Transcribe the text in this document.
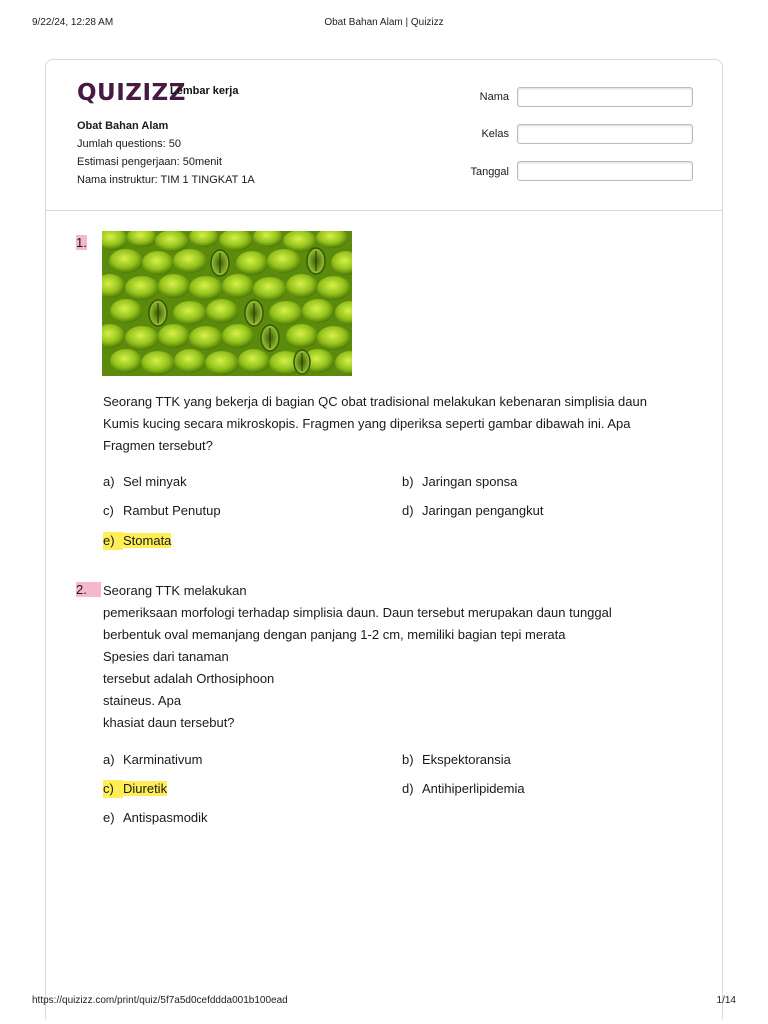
9/22/24, 12:28 AM	Obat Bahan Alam | Quizizz
QUIZIZZ
Lembar kerja
Obat Bahan Alam
Jumlah questions: 50
Estimasi pengerjaan: 50menit
Nama instruktur: TIM 1 TINGKAT 1A
Nama
Kelas
Tanggal
1.
Seorang TTK yang bekerja di bagian QC obat tradisional melakukan kebenaran simplisia daun
Kumis kucing secara mikroskopis. Fragmen yang diperiksa seperti gambar dibawah ini. Apa
Fragmen tersebut?
a) Sel minyak	b) Jaringan sponsa
c) Rambut Penutup	d) Jaringan pengangkut
e) Stomata
2.	Seorang TTK melakukan
pemeriksaan morfologi terhadap simplisia daun. Daun tersebut merupakan daun tunggal
berbentuk oval memanjang dengan panjang 1-2 cm, memiliki bagian tepi merata
Spesies dari tanaman
tersebut adalah Orthosiphoon
staineus. Apa
khasiat daun tersebut?
a) Karminativum	b) Ekspektoransia
c) Diuretik	d) Antihiperlipidemia
e) Antispasmodik
https://quizizz.com/print/quiz/5f7a5d0cefddda001b100ead	1/14
